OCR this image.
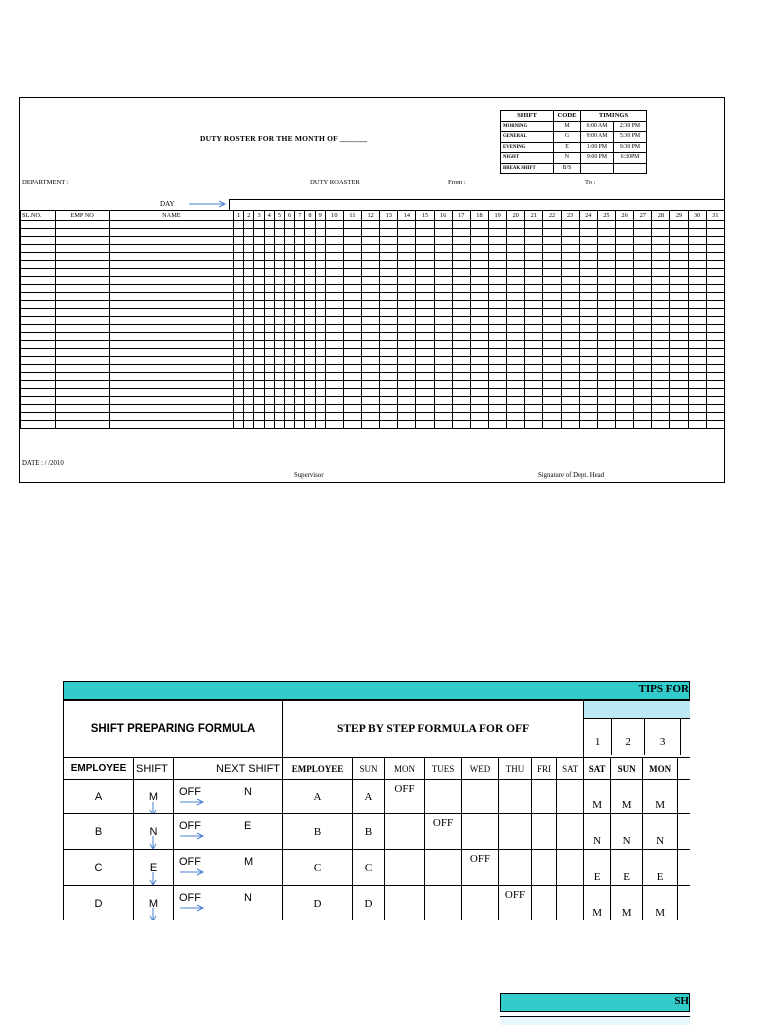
DUTY ROSTER FOR THE MONTH OF _______
SHIFT	CODE	TIMINGS	
MORNING	M	6:00 AM	2:30 PM
GENERAL	G	9:00 AM	5:30 PM
EVENING	E	1:00 PM	9:30 PM
NIGHT	N	9:00 PM	6:30PM
BREAK SHIFT	B/S		
DEPARTMENT :	DUTY ROASTER	From :	To :
DAY
SL.NO.	EMP NO	NAME	1	2	3	4	5	6	7	8	9	10	11	12	13	14	15	16	17	18	19	20	21	22	23	24	25	26	27	28	29	30	31

DATE : / /2010
Supervisor	Signature of Dept. Head
TIPS FOR
SHIFT PREPARING FORMULA			STEP BY STEP FORMULA FOR OFF								1 2 3			

EMPLOYEE	SHIFT	NEXT SHIFT	EMPLOYEE	SUN	MON	TUES	WED	THU	FRI	SAT	SAT	SUN	MON	
A	M	OFF N	A	A	OFF						M	M	M	
B	N	OFF E	B	B		OFF					N	N	N	
C	E	OFF M	C	C			OFF				E	E	E	
D	M	OFF N	D	D				OFF			M	M	M	
SH
